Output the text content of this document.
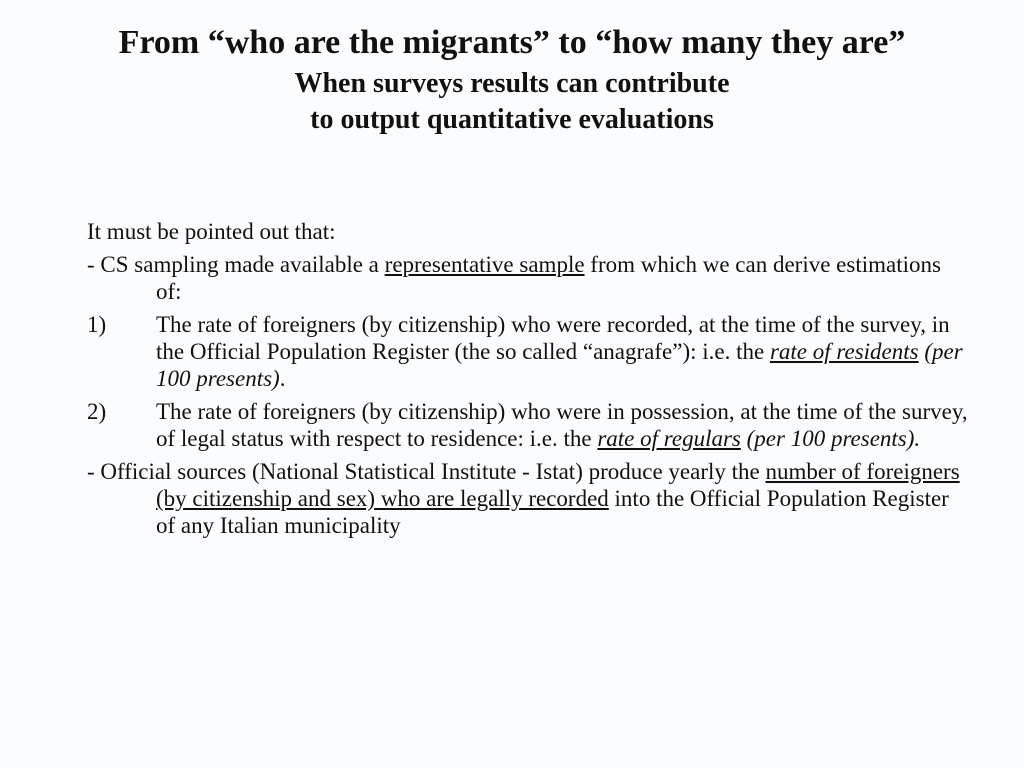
From “who are the migrants” to “how many they are”

When surveys results can contribute

to output quantitative evaluations

It must be pointed out that:

- CS sampling made available a representative sample from which we can derive estimations of:

1)	The rate of foreigners (by citizenship) who were recorded, at the time of the survey, in the Official Population Register (the so called “anagrafe”): i.e. the rate of residents (per 100 presents).
2)	The rate of foreigners (by citizenship) who were in possession, at the time of the survey, of legal status with respect to residence: i.e. the rate of regulars (per 100 presents).

- Official sources (National Statistical Institute - Istat) produce yearly the number of foreigners (by citizenship and sex) who are legally recorded into the Official Population Register of any Italian municipality
